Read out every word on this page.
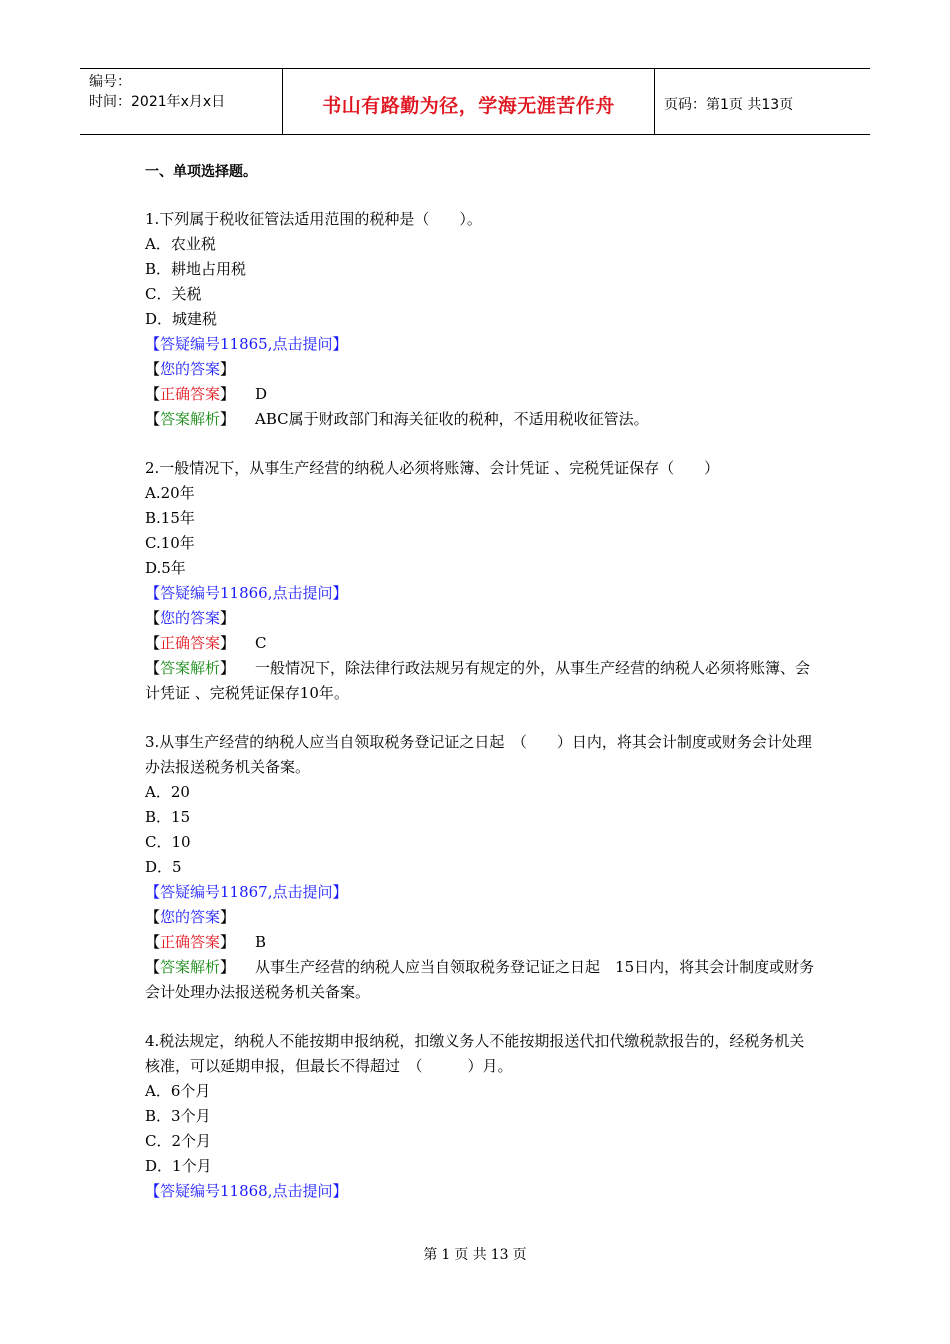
编号：
时间：2021年x月x日	书山有路勤为径，学海无涯苦作舟	页码：第1页 共13页
一、单项选择题。
1.下列属于税收征管法适用范围的税种是（　　）。
A．农业税
B．耕地占用税
C．关税
D．城建税
【答疑编号11865,点击提问】
【您的答案】
【正确答案】 D
【答案解析】 ABC属于财政部门和海关征收的税种，不适用税收征管法。
2.一般情况下，从事生产经营的纳税人必须将账簿、会计凭证 、完税凭证保存（　　）
A.20年
B.15年
C.10年
D.5年
【答疑编号11866,点击提问】
【您的答案】
【正确答案】 C
【答案解析】 一般情况下，除法律行政法规另有规定的外，从事生产经营的纳税人必须将账簿、会计凭证 、完税凭证保存10年。
3.从事生产经营的纳税人应当自领取税务登记证之日起　（　　）日内，将其会计制度或财务会计处理办法报送税务机关备案。
A．20
B．15
C．10
D．5
【答疑编号11867,点击提问】
【您的答案】
【正确答案】 B
【答案解析】 从事生产经营的纳税人应当自领取税务登记证之日起　15日内，将其会计制度或财务会计处理办法报送税务机关备案。
4.税法规定，纳税人不能按期申报纳税，扣缴义务人不能按期报送代扣代缴税款报告的，经税务机关核准，可以延期申报，但最长不得超过　（　　　）月。
A．6个月
B．3个月
C．2个月
D．1个月
【答疑编号11868,点击提问】
第 1 页 共 13 页
